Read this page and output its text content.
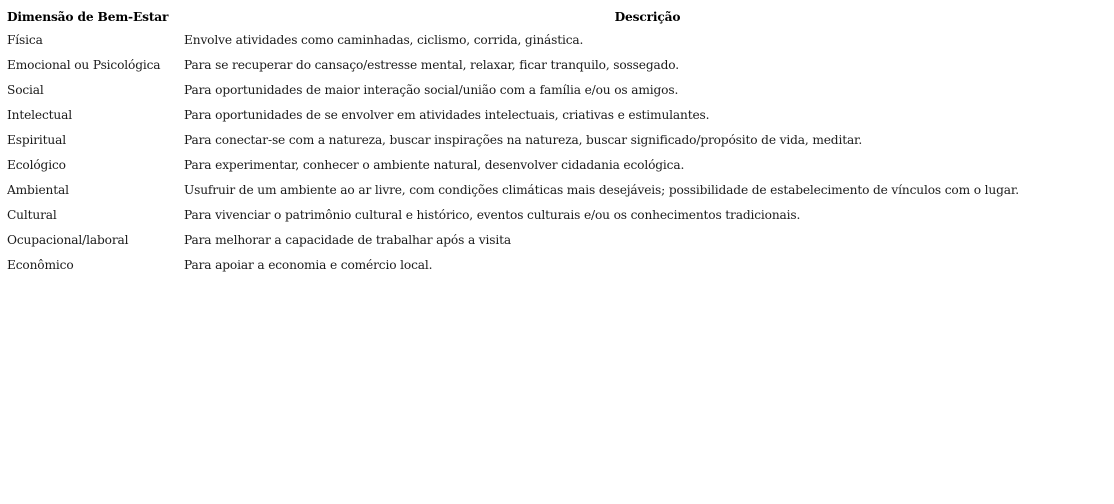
Dimensão de Bem-Estar	Descrição
Física	Envolve atividades como caminhadas, ciclismo, corrida, ginástica.
Emocional ou Psicológica	Para se recuperar do cansaço/estresse mental, relaxar, ficar tranquilo, sossegado.
Social	Para oportunidades de maior interação social/união com a família e/ou os amigos.
Intelectual	Para oportunidades de se envolver em atividades intelectuais, criativas e estimulantes.
Espiritual	Para conectar-se com a natureza, buscar inspirações na natureza, buscar significado/propósito de vida, meditar.
Ecológico	Para experimentar, conhecer o ambiente natural, desenvolver cidadania ecológica.
Ambiental	Usufruir de um ambiente ao ar livre, com condições climáticas mais desejáveis; possibilidade de estabelecimento de vínculos com o lugar.
Cultural	Para vivenciar o patrimônio cultural e histórico, eventos culturais e/ou os conhecimentos tradicionais.
Ocupacional/laboral	Para melhorar a capacidade de trabalhar após a visita
Econômico	Para apoiar a economia e comércio local.
